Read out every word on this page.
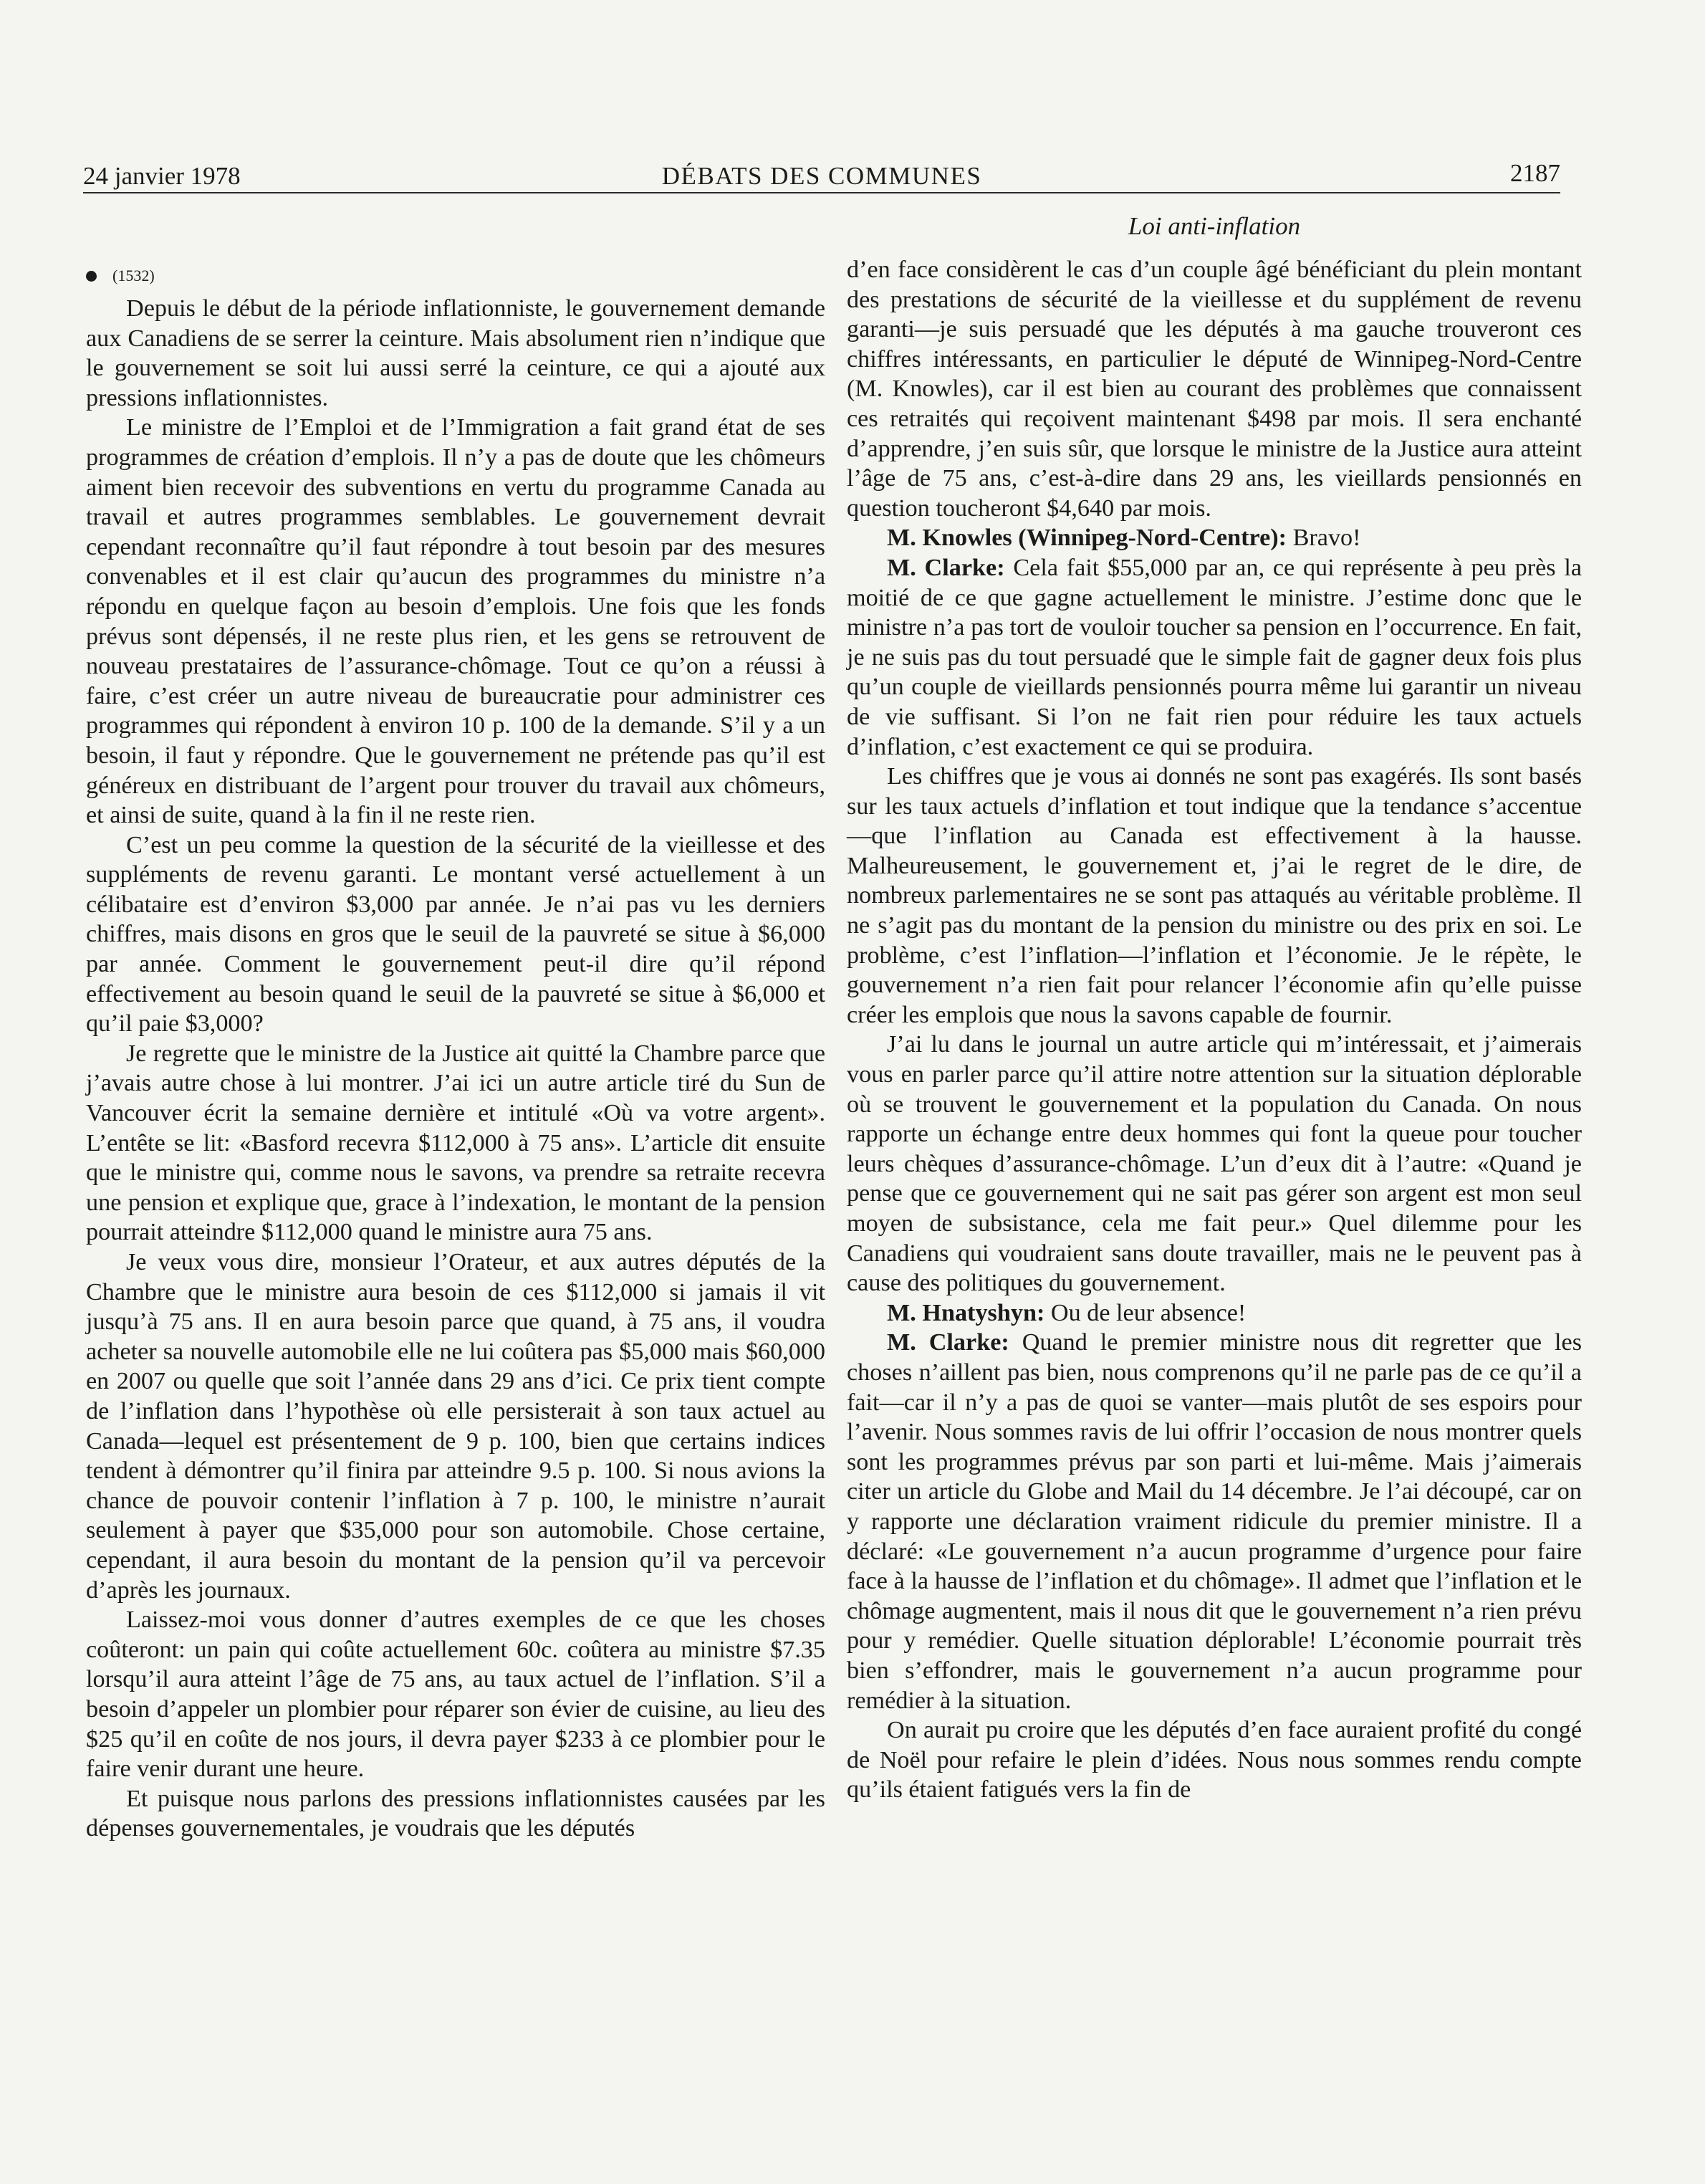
24 janvier 1978	DÉBATS DES COMMUNES	2187
(1532)

Depuis le début de la période inflationniste, le gouvernement demande aux Canadiens de se serrer la ceinture. Mais absolument rien n’indique que le gouvernement se soit lui aussi serré la ceinture, ce qui a ajouté aux pressions inflationnistes.

Le ministre de l’Emploi et de l’Immigration a fait grand état de ses programmes de création d’emplois. Il n’y a pas de doute que les chômeurs aiment bien recevoir des subventions en vertu du programme Canada au travail et autres programmes semblables. Le gouvernement devrait cependant reconnaître qu’il faut répondre à tout besoin par des mesures convenables et il est clair qu’aucun des programmes du ministre n’a répondu en quelque façon au besoin d’emplois. Une fois que les fonds prévus sont dépensés, il ne reste plus rien, et les gens se retrouvent de nouveau prestataires de l’assurance-chômage. Tout ce qu’on a réussi à faire, c’est créer un autre niveau de bureaucratie pour administrer ces programmes qui répondent à environ 10 p. 100 de la demande. S’il y a un besoin, il faut y répondre. Que le gouvernement ne prétende pas qu’il est généreux en distribuant de l’argent pour trouver du travail aux chômeurs, et ainsi de suite, quand à la fin il ne reste rien.

C’est un peu comme la question de la sécurité de la vieillesse et des suppléments de revenu garanti. Le montant versé actuellement à un célibataire est d’environ $3,000 par année. Je n’ai pas vu les derniers chiffres, mais disons en gros que le seuil de la pauvreté se situe à $6,000 par année. Comment le gouvernement peut-il dire qu’il répond effectivement au besoin quand le seuil de la pauvreté se situe à $6,000 et qu’il paie $3,000?

Je regrette que le ministre de la Justice ait quitté la Chambre parce que j’avais autre chose à lui montrer. J’ai ici un autre article tiré du Sun de Vancouver écrit la semaine dernière et intitulé «Où va votre argent». L’entête se lit: «Basford recevra $112,000 à 75 ans». L’article dit ensuite que le ministre qui, comme nous le savons, va prendre sa retraite recevra une pension et explique que, grace à l’indexation, le montant de la pension pourrait atteindre $112,000 quand le ministre aura 75 ans.

Je veux vous dire, monsieur l’Orateur, et aux autres députés de la Chambre que le ministre aura besoin de ces $112,000 si jamais il vit jusqu’à 75 ans. Il en aura besoin parce que quand, à 75 ans, il voudra acheter sa nouvelle automobile elle ne lui coûtera pas $5,000 mais $60,000 en 2007 ou quelle que soit l’année dans 29 ans d’ici. Ce prix tient compte de l’inflation dans l’hypothèse où elle persisterait à son taux actuel au Canada—lequel est présentement de 9 p. 100, bien que certains indices tendent à démontrer qu’il finira par atteindre 9.5 p. 100. Si nous avions la chance de pouvoir contenir l’inflation à 7 p. 100, le ministre n’aurait seulement à payer que $35,000 pour son automobile. Chose certaine, cependant, il aura besoin du montant de la pension qu’il va percevoir d’après les journaux.

Laissez-moi vous donner d’autres exemples de ce que les choses coûteront: un pain qui coûte actuellement 60c. coûtera au ministre $7.35 lorsqu’il aura atteint l’âge de 75 ans, au taux actuel de l’inflation. S’il a besoin d’appeler un plombier pour réparer son évier de cuisine, au lieu des $25 qu’il en coûte de nos jours, il devra payer $233 à ce plombier pour le faire venir durant une heure.

Et puisque nous parlons des pressions inflationnistes causées par les dépenses gouvernementales, je voudrais que les députés

Loi anti-inflation

d’en face considèrent le cas d’un couple âgé bénéficiant du plein montant des prestations de sécurité de la vieillesse et du supplément de revenu garanti—je suis persuadé que les députés à ma gauche trouveront ces chiffres intéressants, en particulier le député de Winnipeg-Nord-Centre (M. Knowles), car il est bien au courant des problèmes que connaissent ces retraités qui reçoivent maintenant $498 par mois. Il sera enchanté d’apprendre, j’en suis sûr, que lorsque le ministre de la Justice aura atteint l’âge de 75 ans, c’est-à-dire dans 29 ans, les vieillards pensionnés en question toucheront $4,640 par mois.

M. Knowles (Winnipeg-Nord-Centre): Bravo!

M. Clarke: Cela fait $55,000 par an, ce qui représente à peu près la moitié de ce que gagne actuellement le ministre. J’estime donc que le ministre n’a pas tort de vouloir toucher sa pension en l’occurrence. En fait, je ne suis pas du tout persuadé que le simple fait de gagner deux fois plus qu’un couple de vieillards pensionnés pourra même lui garantir un niveau de vie suffisant. Si l’on ne fait rien pour réduire les taux actuels d’inflation, c’est exactement ce qui se produira.

Les chiffres que je vous ai donnés ne sont pas exagérés. Ils sont basés sur les taux actuels d’inflation et tout indique que la tendance s’accentue—que l’inflation au Canada est effectivement à la hausse. Malheureusement, le gouvernement et, j’ai le regret de le dire, de nombreux parlementaires ne se sont pas attaqués au véritable problème. Il ne s’agit pas du montant de la pension du ministre ou des prix en soi. Le problème, c’est l’inflation—l’inflation et l’économie. Je le répète, le gouvernement n’a rien fait pour relancer l’économie afin qu’elle puisse créer les emplois que nous la savons capable de fournir.

J’ai lu dans le journal un autre article qui m’intéressait, et j’aimerais vous en parler parce qu’il attire notre attention sur la situation déplorable où se trouvent le gouvernement et la population du Canada. On nous rapporte un échange entre deux hommes qui font la queue pour toucher leurs chèques d’assurance-chômage. L’un d’eux dit à l’autre: «Quand je pense que ce gouvernement qui ne sait pas gérer son argent est mon seul moyen de subsistance, cela me fait peur.» Quel dilemme pour les Canadiens qui voudraient sans doute travailler, mais ne le peuvent pas à cause des politiques du gouvernement.

M. Hnatyshyn: Ou de leur absence!

M. Clarke: Quand le premier ministre nous dit regretter que les choses n’aillent pas bien, nous comprenons qu’il ne parle pas de ce qu’il a fait—car il n’y a pas de quoi se vanter—mais plutôt de ses espoirs pour l’avenir. Nous sommes ravis de lui offrir l’occasion de nous montrer quels sont les programmes prévus par son parti et lui-même. Mais j’aimerais citer un article du Globe and Mail du 14 décembre. Je l’ai découpé, car on y rapporte une déclaration vraiment ridicule du premier ministre. Il a déclaré: «Le gouvernement n’a aucun programme d’urgence pour faire face à la hausse de l’inflation et du chômage». Il admet que l’inflation et le chômage augmentent, mais il nous dit que le gouvernement n’a rien prévu pour y remédier. Quelle situation déplorable! L’économie pourrait très bien s’effondrer, mais le gouvernement n’a aucun programme pour remédier à la situation.

On aurait pu croire que les députés d’en face auraient profité du congé de Noël pour refaire le plein d’idées. Nous nous sommes rendu compte qu’ils étaient fatigués vers la fin de
